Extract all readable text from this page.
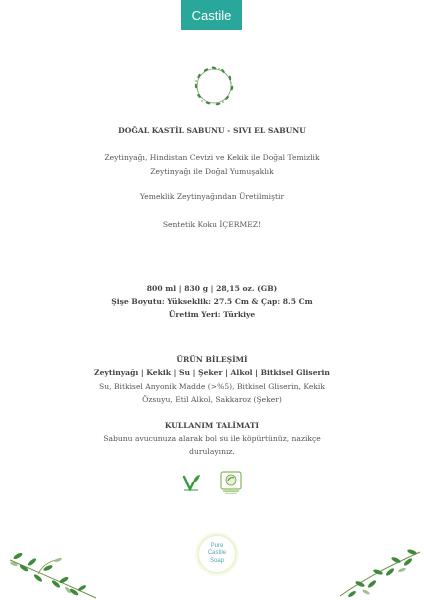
Castile
DOĞAL KASTİL SABUNU - SIVI EL SABUNU
Zeytinyağı, Hindistan Cevizi ve Kekik ile Doğal Temizlik
Zeytinyağı ile Doğal Yumuşaklık
Yemeklik Zeytinyağından Üretilmiştir
Sentetik Koku İÇERMEZ!
800 ml | 830 g | 28,15 oz. (GB)
Şişe Boyutu: Yükseklik: 27.5 Cm & Çap: 8.5 Cm
Üretim Yeri: Türkiye
ÜRÜN BİLEŞİMİ
Zeytinyağı | Kekik | Su | Şeker | Alkol | Bitkisel Gliserin
Su, Bitkisel Anyonik Madde (>%5), Bitkisel Gliserin, Kekik
Özsuyu, Etil Alkol, Sakkaroz (Şeker)
KULLANIM TALİMATI
Sabunu avucunuza alarak bol su ile köpürtünüz, nazikçe
durulayınız.
Pure
Castile
Soap
